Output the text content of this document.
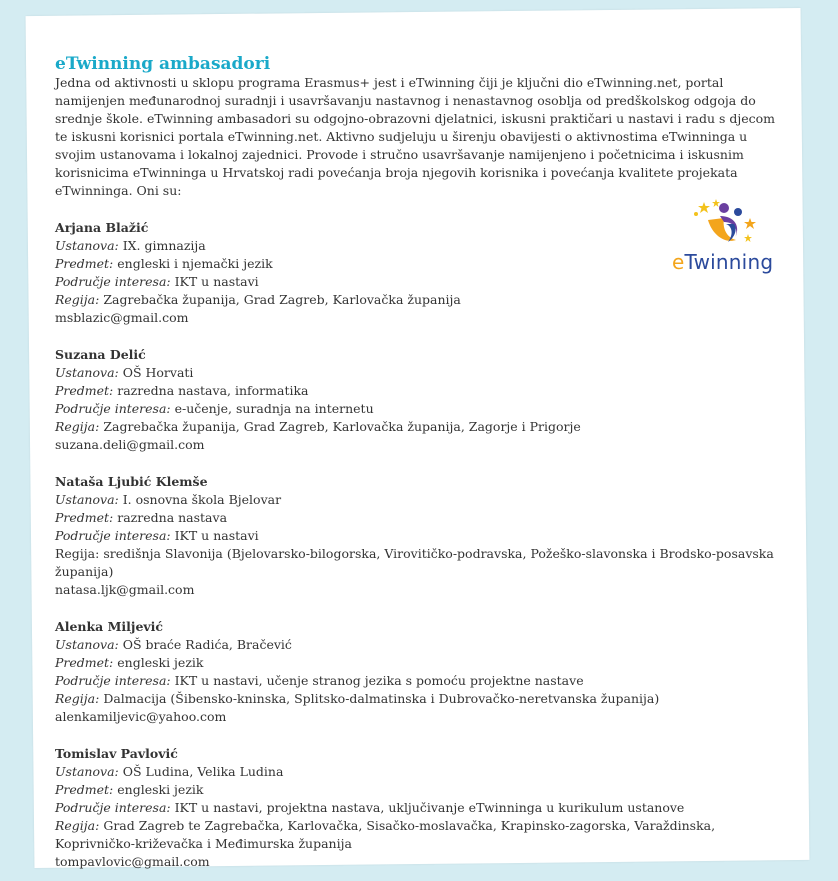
eTwinning ambasadori

Jedna od aktivnosti u sklopu programa Erasmus+ jest i eTwinning čiji je ključni dio eTwinning.net, portal namijenjen međunarodnoj suradnji i usavršavanju nastavnog i nenastavnog osoblja od predškolskog odgoja do srednje škole. eTwinning ambasadori su odgojno-obrazovni djelatnici, iskusni praktičari u nastavi i radu s djecom te iskusni korisnici portala eTwinning.net. Aktivno sudjeluju u širenju obavijesti o aktivnostima eTwinninga u svojim ustanovama i lokalnoj zajednici. Provode i stručno usavršavanje namijenjeno i početnicima i iskusnim korisnicima eTwinninga u Hrvatskoj radi povećanja broja njegovih korisnika i povećanja kvalitete projekata eTwinninga. Oni su:

Arjana Blažić
Ustanova: IX. gimnazija
Predmet: engleski i njemački jezik
Područje interesa: IKT u nastavi
Regija: Zagrebačka županija, Grad Zagreb, Karlovačka županija
msblazic@gmail.com
Suzana Delić
Ustanova: OŠ Horvati
Predmet: razredna nastava, informatika
Područje interesa: e-učenje, suradnja na internetu
Regija: Zagrebačka županija, Grad Zagreb, Karlovačka županija, Zagorje i Prigorje
suzana.deli@gmail.com
Nataša Ljubić Klemše
Ustanova: I. osnovna škola Bjelovar
Predmet: razredna nastava
Područje interesa: IKT u nastavi
Regija: središnja Slavonija (Bjelovarsko-bilogorska, Virovitičko-podravska, Požeško-slavonska i Brodsko-posavska županija)
natasa.ljk@gmail.com
Alenka Miljević
Ustanova: OŠ braće Radića, Bračević
Predmet: engleski jezik
Područje interesa: IKT u nastavi, učenje stranog jezika s pomoću projektne nastave
Regija: Dalmacija (Šibensko-kninska, Splitsko-dalmatinska i Dubrovačko-neretvanska županija)
alenkamiljevic@yahoo.com
Tomislav Pavlović
Ustanova: OŠ Ludina, Velika Ludina
Predmet: engleski jezik
Područje interesa: IKT u nastavi, projektna nastava, uključivanje eTwinninga u kurikulum ustanove
Regija: Grad Zagreb te Zagrebačka, Karlovačka, Sisačko-moslavačka, Krapinsko-zagorska, Varaždinska, Koprivničko-križevačka i Međimurska županija
tompavlovic@gmail.com
eTwinning
